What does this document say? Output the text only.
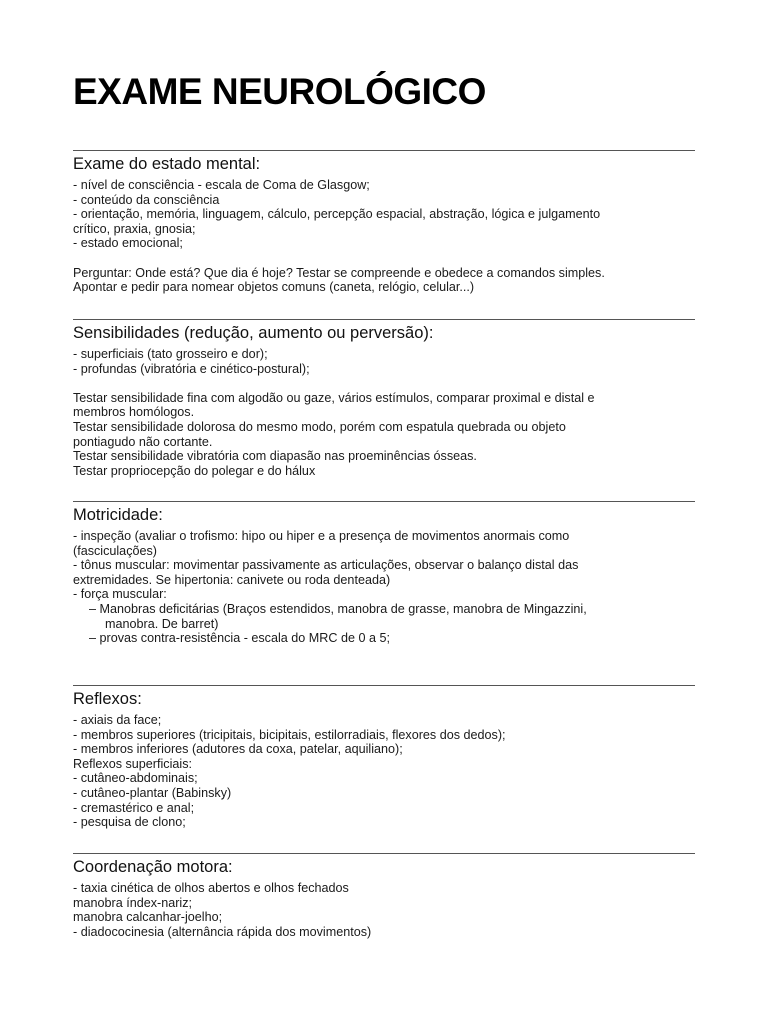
EXAME NEUROLÓGICO
Exame do estado mental:
- nível de consciência - escala de Coma de Glasgow;
- conteúdo da consciência
- orientação, memória, linguagem, cálculo, percepção espacial, abstração, lógica e julgamento
crítico, praxia, gnosia;
- estado emocional;
Perguntar: Onde está? Que dia é hoje? Testar se compreende e obedece a comandos simples.
Apontar e pedir para nomear objetos comuns (caneta, relógio, celular...)
Sensibilidades (redução, aumento ou perversão):
- superficiais (tato grosseiro e dor);
- profundas (vibratória e cinético-postural);
Testar sensibilidade fina com algodão ou gaze, vários estímulos, comparar proximal e distal e
membros homólogos.
Testar sensibilidade dolorosa do mesmo modo, porém com espatula quebrada ou objeto
pontiagudo não cortante.
Testar sensibilidade vibratória com diapasão nas proeminências ósseas.
Testar propriocepção do polegar e do hálux
Motricidade:
- inspeção (avaliar o trofismo: hipo ou hiper e a presença de movimentos anormais como
(fasciculações)
- tônus muscular: movimentar passivamente as articulações, observar o balanço distal das
extremidades. Se hipertonia: canivete ou roda denteada)
- força muscular:
– Manobras deficitárias (Braços estendidos, manobra de grasse, manobra de Mingazzini,
manobra. De barret)
– provas contra-resistência - escala do MRC de 0 a 5;
Reflexos:
- axiais da face;
- membros superiores (tricipitais, bicipitais, estilorradiais, flexores dos dedos);
- membros inferiores (adutores da coxa, patelar, aquiliano);
Reflexos superficiais:
- cutâneo-abdominais;
- cutâneo-plantar (Babinsky)
- cremastérico e anal;
- pesquisa de clono;
Coordenação motora:
- taxia cinética de olhos abertos e olhos fechados
manobra índex-nariz;
manobra calcanhar-joelho;
- diadococinesia (alternância rápida dos movimentos)
